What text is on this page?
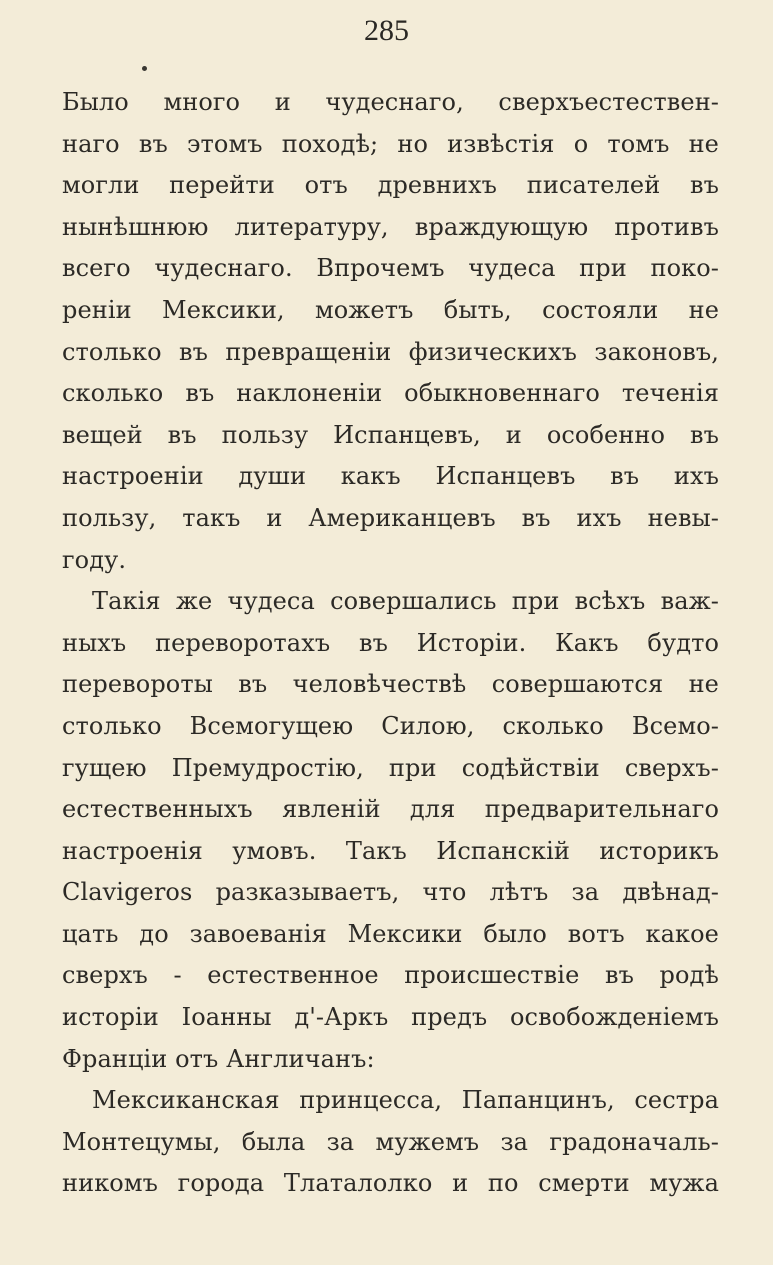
285
Было много и чудеснаго, сверхъестествен-
наго въ этомъ походѣ; но извѣстія о томъ не
могли перейти отъ древнихъ писателей въ
нынѣшнюю литературу, враждующую противъ
всего чудеснаго. Впрочемъ чудеса при поко-
реніи Мексики, можетъ быть, состояли не
столько въ превращеніи физическихъ законовъ,
сколько въ наклоненіи обыкновеннаго теченія
вещей въ пользу Испанцевъ, и особенно въ
настроеніи души какъ Испанцевъ въ ихъ
пользу, такъ и Американцевъ въ ихъ невы-
году.
Такія же чудеса совершались при всѣхъ важ-
ныхъ переворотахъ въ Исторіи. Какъ будто
перевороты въ человѣчествѣ совершаются не
столько Всемогущею Силою, сколько Всемо-
гущею Премудростію, при содѣйствіи сверхъ-
естественныхъ явленій для предварительнаго
настроенія умовъ. Такъ Испанскій историкъ
Clavigeros разказываетъ, что лѣтъ за двѣнад-
цать до завоеванія Мексики было вотъ какое
сверхъ - естественное происшествіе въ родѣ
исторіи Іоанны д'-Аркъ предъ освобожденіемъ
Франціи отъ Англичанъ:
Мексиканская принцесса, Папанцинъ, сестра
Монтецумы, была за мужемъ за градоначаль-
никомъ города Тлаталолко и по смерти мужа
